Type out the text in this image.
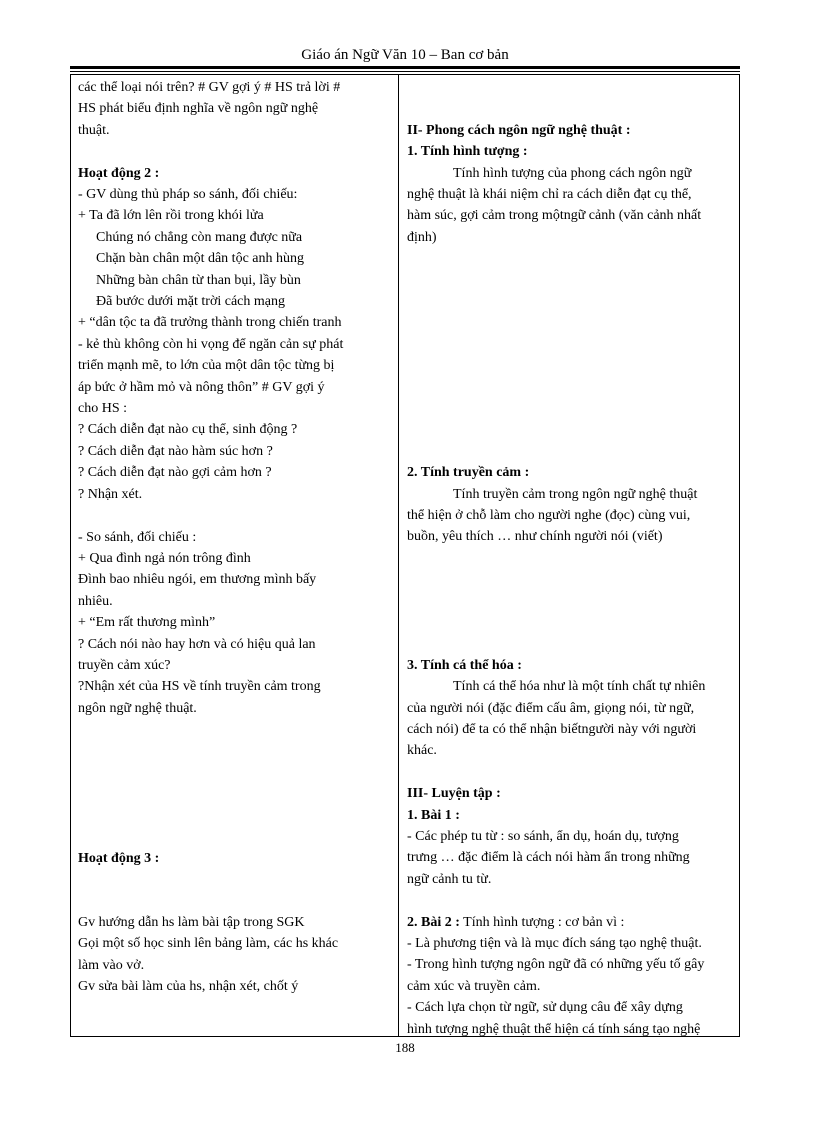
Giáo án Ngữ Văn 10 – Ban cơ bản

các thể loại nói trên? # GV gợi ý # HS trả lời #

HS phát biểu định nghĩa về ngôn ngữ nghệ

thuật.

Hoạt động 2 :

- GV dùng thủ pháp so sánh, đối chiếu:

+ Ta đã lớn lên rồi trong khói lửa

Chúng nó chẳng còn mang được nữa

Chặn bàn chân một dân tộc anh hùng

Những bàn chân từ than bụi, lầy bùn

Đã bước dưới mặt trời cách mạng

+ “dân tộc ta đã trưởng thành trong chiến tranh

- kẻ thù không còn hi vọng để ngăn cản sự phát

triển mạnh mẽ, to lớn của một dân tộc từng bị

áp bức ở hầm mỏ và nông thôn” # GV gợi ý

cho HS :

? Cách diễn đạt nào cụ thể, sinh động ?

? Cách diễn đạt nào hàm súc hơn ?

? Cách diễn đạt nào gợi cảm hơn ?

? Nhận xét.

- So sánh, đối chiếu :

+ Qua đình ngả nón trông đình

Đình bao nhiêu ngói, em thương mình bấy

nhiêu.

+ “Em rất thương mình”

? Cách nói nào hay hơn và có hiệu quả lan

truyền cảm xúc?

?Nhận xét của HS về tính truyền cảm trong

ngôn ngữ nghệ thuật.

Hoạt động 3 :

Gv hướng dẫn hs làm bài tập trong SGK

Gọi một số học sinh lên bảng làm, các hs khác

làm vào vở.

Gv sửa bài làm của hs, nhận xét, chốt ý

II- Phong cách ngôn ngữ nghệ thuật :

1. Tính hình tượng :

Tính hình tượng của phong cách ngôn ngữ

nghệ thuật là khái niệm chỉ ra cách diễn đạt cụ thể,

hàm súc, gợi cảm trong mộtngữ cảnh (văn cảnh nhất

định)

2. Tính truyền cảm :

Tính truyền cảm trong ngôn ngữ nghệ thuật

thể hiện ở chỗ làm cho người nghe (đọc) cùng vui,

buồn, yêu thích … như chính người nói (viết)

3. Tính cá thể hóa :

Tính cá thể hóa như là một tính chất tự nhiên

của người nói (đặc điểm cấu âm, giọng nói, từ ngữ,

cách nói) để ta có thể nhận biếtngười này với người

khác.

III- Luyện tập :

1. Bài 1 :

- Các phép tu từ : so sánh, ẩn dụ, hoán dụ, tượng

trưng … đặc điểm là cách nói hàm ẩn trong những

ngữ cảnh tu từ.

2. Bài 2 : Tính hình tượng : cơ bản vì :

- Là phương tiện và là mục đích sáng tạo nghệ thuật.

- Trong hình tượng ngôn ngữ đã có những yếu tố gây

cảm xúc và truyền cảm.

- Cách lựa chọn từ ngữ, sử dụng câu để xây dựng

hình tượng nghệ thuật thể hiện cá tính sáng tạo nghệ

188
